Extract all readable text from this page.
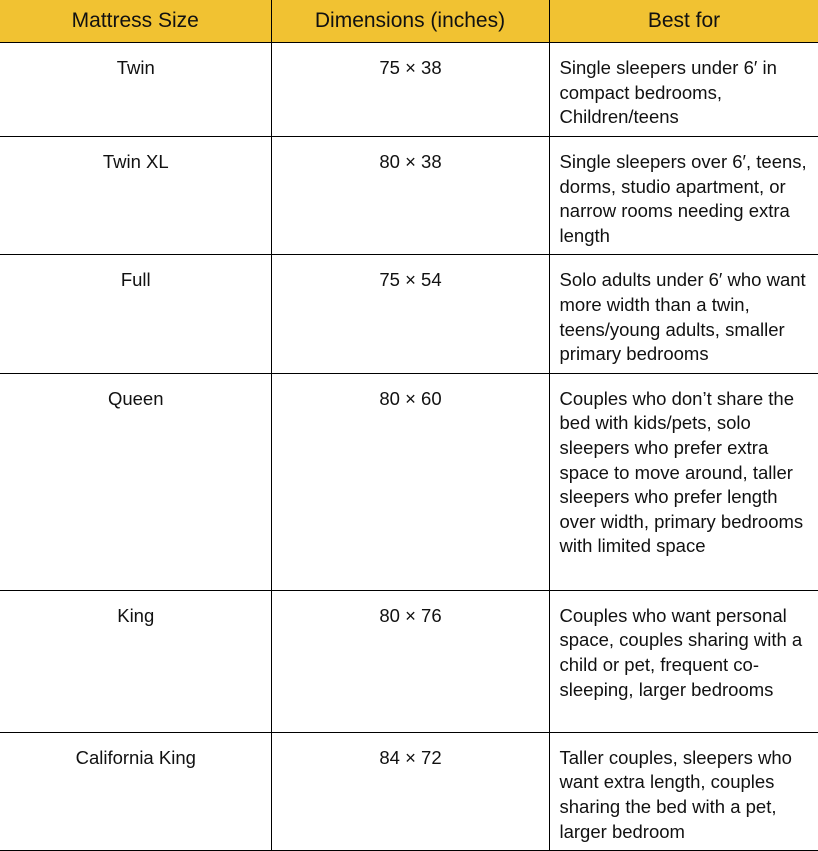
Mattress Size	Dimensions (inches)	Best for
Twin	75 × 38	Single sleepers under 6′ in compact bedrooms, Children/teens
Twin XL	80 × 38	Single sleepers over 6′, teens, dorms, studio apartment, or narrow rooms needing extra length
Full	75 × 54	Solo adults under 6′ who want more width than a twin, teens/young adults, smaller primary bedrooms
Queen	80 × 60	Couples who don’t share the bed with kids/pets, solo sleepers who prefer extra space to move around, taller sleepers who prefer length over width, primary bedrooms with limited space
King	80 × 76	Couples who want personal space, couples sharing with a child or pet, frequent co-sleeping, larger bedrooms
California King	84 × 72	Taller couples, sleepers who want extra length, couples sharing the bed with a pet, larger bedroom
